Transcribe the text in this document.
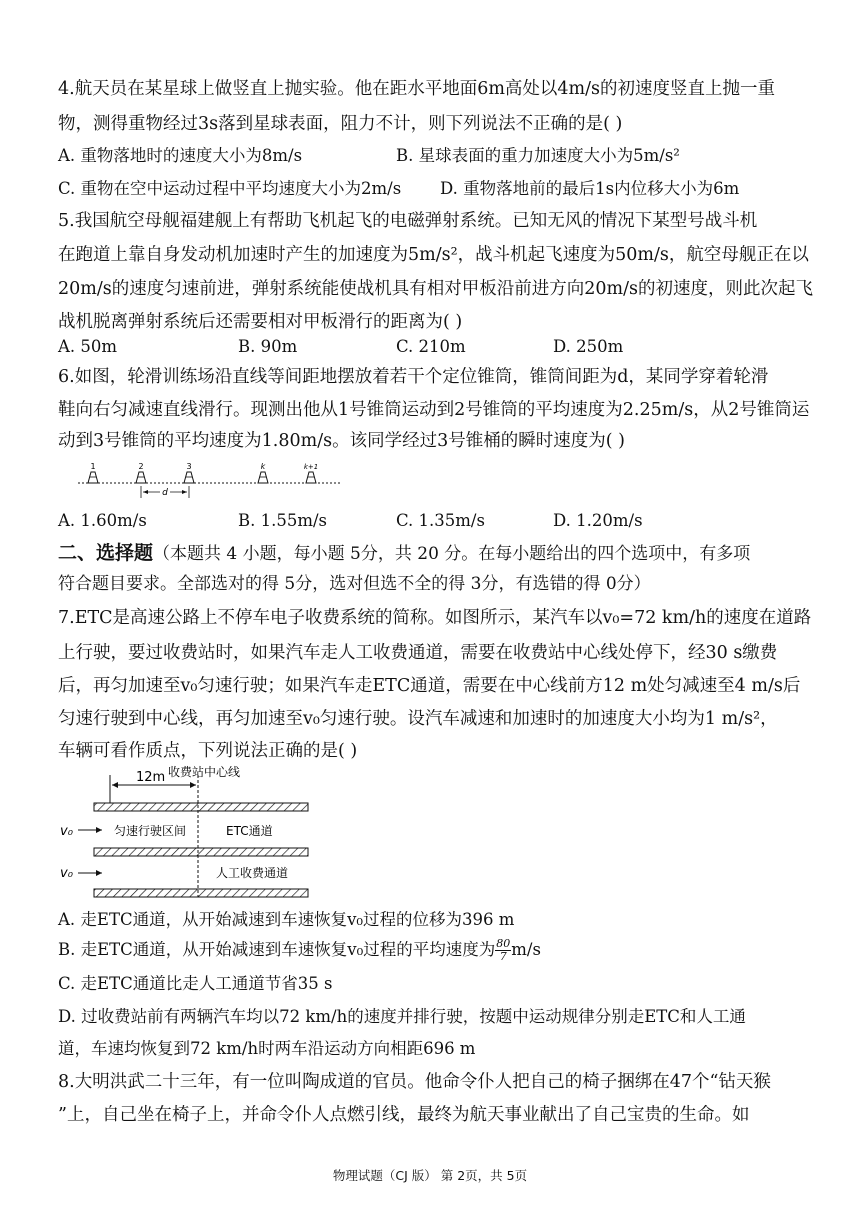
4.航天员在某星球上做竖直上抛实验。他在距水平地面6m高处以4m/s的初速度竖直上抛一重
物，测得重物经过3s落到星球表面，阻力不计，则下列说法不正确的是( )
A. 重物落地时的速度大小为8m/s	B. 星球表面的重力加速度大小为5m/s²
C. 重物在空中运动过程中平均速度大小为2m/s D. 重物落地前的最后1s内位移大小为6m
5.我国航空母舰福建舰上有帮助飞机起飞的电磁弹射系统。已知无风的情况下某型号战斗机
在跑道上靠自身发动机加速时产生的加速度为5m/s²，战斗机起飞速度为50m/s，航空母舰正在以
20m/s的速度匀速前进，弹射系统能使战机具有相对甲板沿前进方向20m/s的初速度，则此次起飞
战机脱离弹射系统后还需要相对甲板滑行的距离为( )
A. 50m	B. 90m	C. 210m	D. 250m
6.如图，轮滑训练场沿直线等间距地摆放着若干个定位锥筒，锥筒间距为d，某同学穿着轮滑
鞋向右匀减速直线滑行。现测出他从1号锥筒运动到2号锥筒的平均速度为2.25m/s，从2号锥筒运
动到3号锥筒的平均速度为1.80m/s。该同学经过3号锥桶的瞬时速度为( )
1	2	3	k	k+1
d
A. 1.60m/s	B. 1.55m/s	C. 1.35m/s	D. 1.20m/s
二、选择题（本题共 4 小题，每小题 5分，共 20 分。在每小题给出的四个选项中，有多项
符合题目要求。全部选对的得 5分，选对但选不全的得 3分，有选错的得 0分）
7.ETC是高速公路上不停车电子收费系统的简称。如图所示，某汽车以v₀=72 km/h的速度在道路
上行驶，要过收费站时，如果汽车走人工收费通道，需要在收费站中心线处停下，经30 s缴费
后，再匀加速至v₀匀速行驶；如果汽车走ETC通道，需要在中心线前方12 m处匀减速至4 m/s后
匀速行驶到中心线，再匀加速至v₀匀速行驶。设汽车减速和加速时的加速度大小均为1 m/s²，
车辆可看作质点，下列说法正确的是( )
12m 收费站中心线
v₀	匀速行驶区间	ETC通道
v₀	人工收费通道
A. 走ETC通道，从开始减速到车速恢复v₀过程的位移为396 m
B. 走ETC通道，从开始减速到车速恢复v₀过程的平均速度为 $\frac{80}{7} m/s$
C. 走ETC通道比走人工通道节省35 s
D. 过收费站前有两辆汽车均以72 km/h的速度并排行驶，按题中运动规律分别走ETC和人工通
道，车速均恢复到72 km/h时两车沿运动方向相距696 m
8.大明洪武二十三年，有一位叫陶成道的官员。他命令仆人把自己的椅子捆绑在47个“钻天猴
”上，自己坐在椅子上，并命令仆人点燃引线，最终为航天事业献出了自己宝贵的生命。如
物理试题（CJ 版） 第 2页，共 5页
